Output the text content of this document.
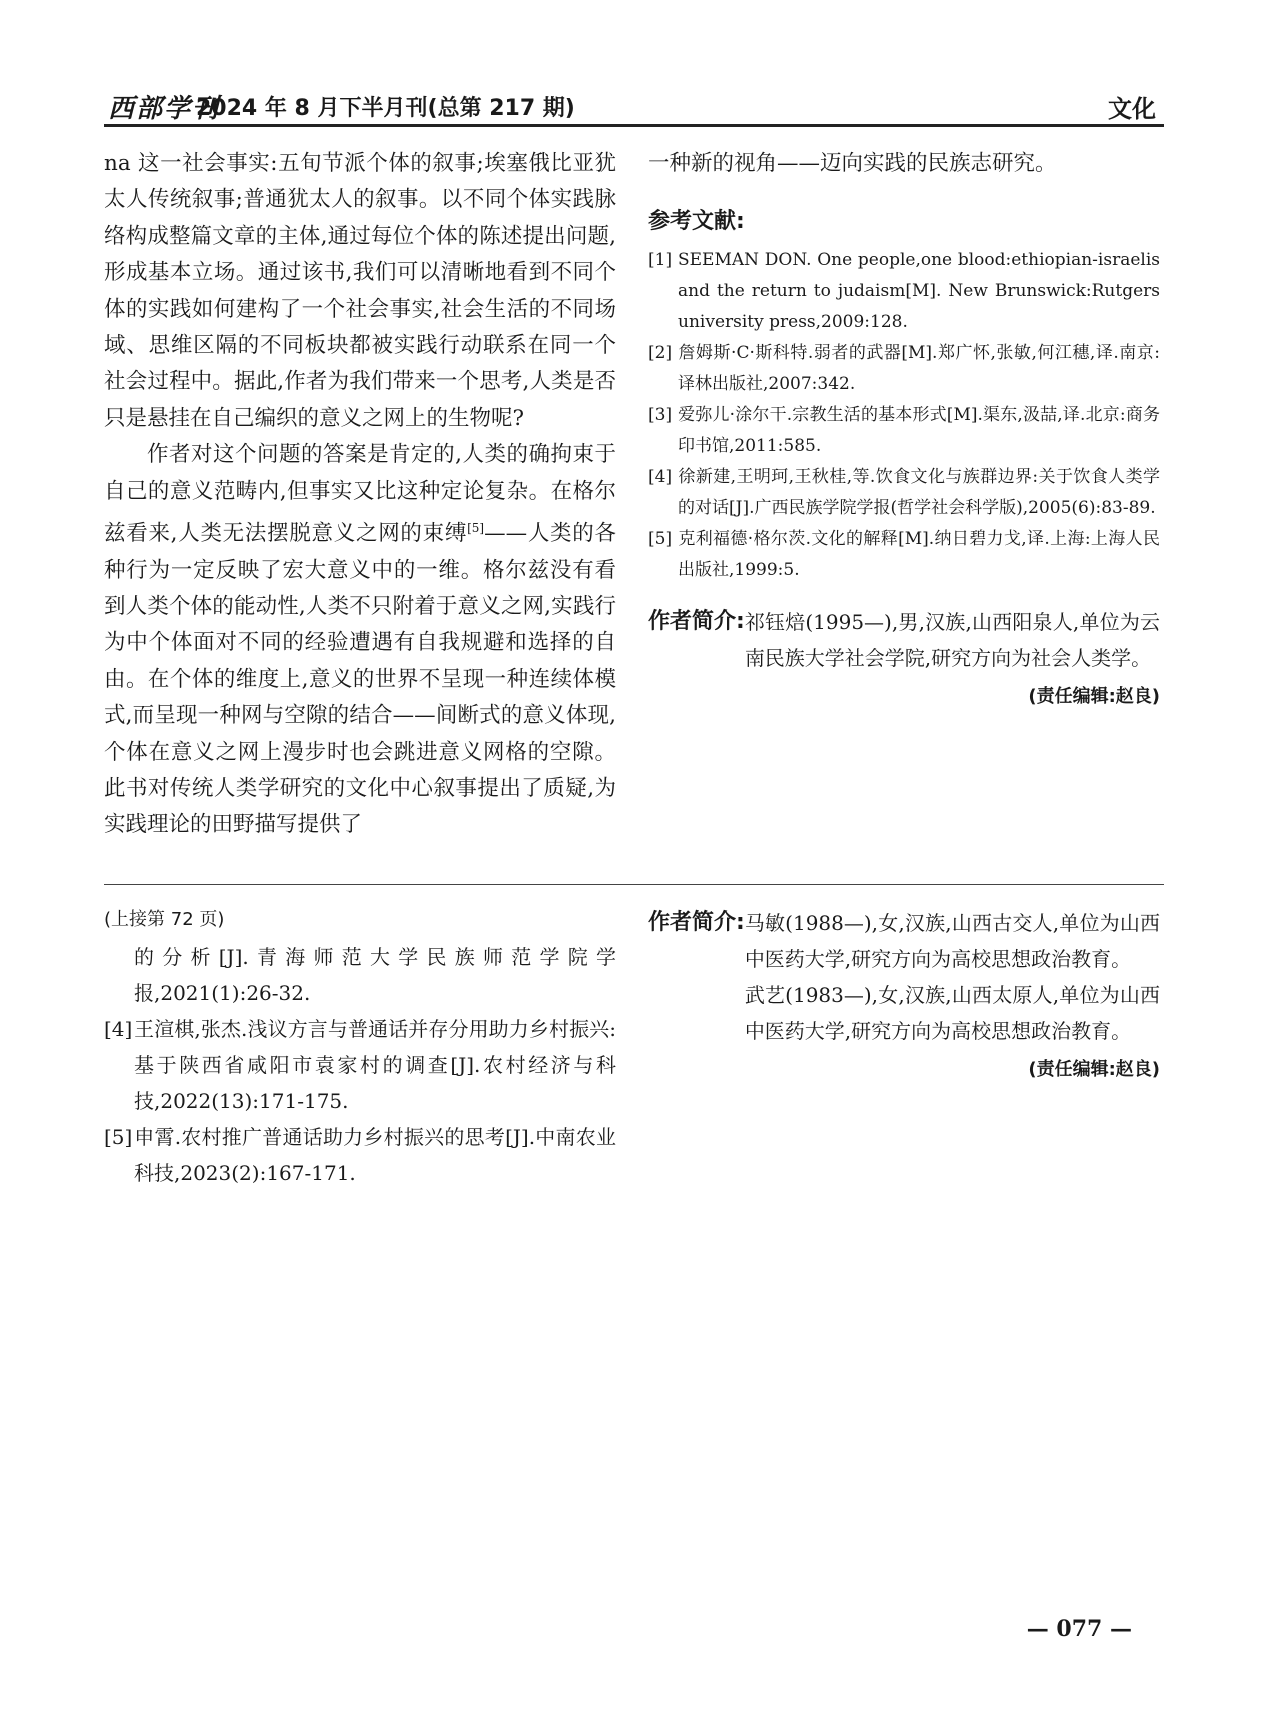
西部学刊
2024 年 8 月下半月刊(总第 217 期)	文化

na 这一社会事实:五旬节派个体的叙事;埃塞俄比亚犹太人传统叙事;普通犹太人的叙事。以不同个体实践脉络构成整篇文章的主体,通过每位个体的陈述提出问题,形成基本立场。通过该书,我们可以清晰地看到不同个体的实践如何建构了一个社会事实,社会生活的不同场域、思维区隔的不同板块都被实践行动联系在同一个社会过程中。据此,作者为我们带来一个思考,人类是否只是悬挂在自己编织的意义之网上的生物呢?

作者对这个问题的答案是肯定的,人类的确拘束于自己的意义范畴内,但事实又比这种定论复杂。在格尔兹看来,人类无法摆脱意义之网的束缚[5]——人类的各种行为一定反映了宏大意义中的一维。格尔兹没有看到人类个体的能动性,人类不只附着于意义之网,实践行为中个体面对不同的经验遭遇有自我规避和选择的自由。在个体的维度上,意义的世界不呈现一种连续体模式,而呈现一种网与空隙的结合——间断式的意义体现,个体在意义之网上漫步时也会跳进意义网格的空隙。此书对传统人类学研究的文化中心叙事提出了质疑,为实践理论的田野描写提供了

一种新的视角——迈向实践的民族志研究。

参考文献:

[1] SEEMAN DON. One people,one blood:ethiopian-israelis and the return to judaism[M]. New Brunswick:Rutgers university press,2009:128.

[2] 詹姆斯·C·斯科特.弱者的武器[M].郑广怀,张敏,何江穗,译.南京:译林出版社,2007:342.

[3] 爱弥儿·涂尔干.宗教生活的基本形式[M].渠东,汲喆,译.北京:商务印书馆,2011:585.

[4] 徐新建,王明珂,王秋桂,等.饮食文化与族群边界:关于饮食人类学的对话[J].广西民族学院学报(哲学社会科学版),2005(6):83-89.

[5] 克利福德·格尔茨.文化的解释[M].纳日碧力戈,译.上海:上海人民出版社,1999:5.

作者简介: 祁钰焙(1995—),男,汉族,山西阳泉人,单位为云南民族大学社会学院,研究方向为社会人类学。

(责任编辑:赵良)
(上接第 72 页)

的分析[J].青海师范大学民族师范学院学报,2021(1):26-32.

[4]王渲棋,张杰.浅议方言与普通话并存分用助力乡村振兴:基于陕西省咸阳市袁家村的调查[J].农村经济与科技,2022(13):171-175.

[5]申霄.农村推广普通话助力乡村振兴的思考[J].中南农业科技,2023(2):167-171.

作者简介: 马敏(1988—),女,汉族,山西古交人,单位为山西中医药大学,研究方向为高校思想政治教育。

武艺(1983—),女,汉族,山西太原人,单位为山西中医药大学,研究方向为高校思想政治教育。

(责任编辑:赵良)
— 077 —
